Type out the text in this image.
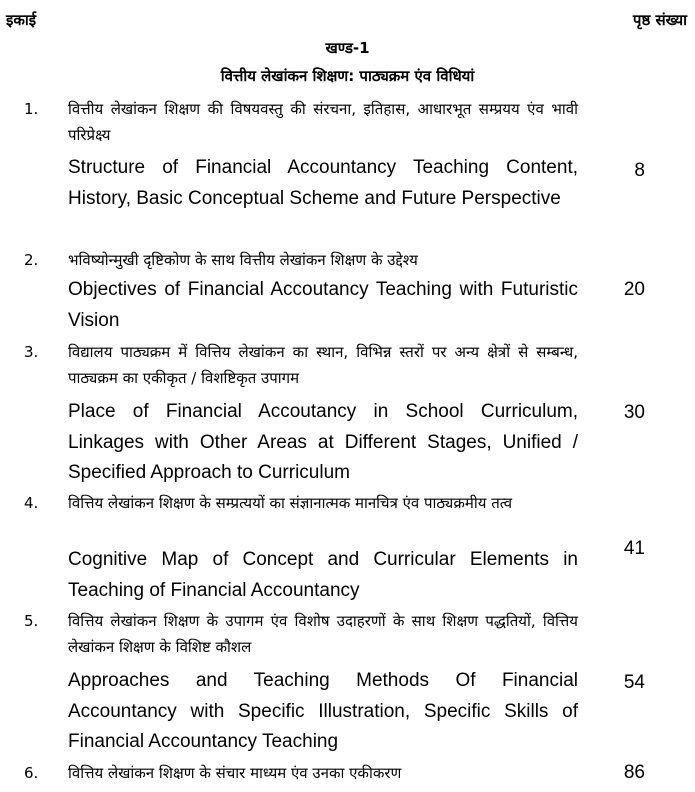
इकाई	पृष्ठ संख्या
खण्ड-1
वित्तीय लेखांकन शिक्षण: पाठ्यक्रम एंव विधियां
1. वित्तीय लेखांकन शिक्षण की विषयवस्तु की संरचना, इतिहास, आधारभूत सम्प्रयय एंव भावी परिप्रेक्ष्य
Structure of Financial Accountancy Teaching Content, History, Basic Conceptual Scheme and Future Perspective
8
2. भविष्योन्मुखी दृष्टिकोण के साथ वित्तीय लेखांकन शिक्षण के उद्देश्य
Objectives of Financial Accoutancy Teaching with Futuristic Vision
20
3. विद्यालय पाठ्यक्रम में वित्तिय लेखांकन का स्थान, विभिन्न स्तरों पर अन्य क्षेत्रों से सम्बन्ध, पाठ्यक्रम का एकीकृत / विशष्टिकृत उपागम
Place of Financial Accoutancy in School Curriculum, Linkages with Other Areas at Different Stages, Unified / Specified Approach to Curriculum
30
4. वित्तिय लेखांकन शिक्षण के सम्प्रत्ययों का संज्ञानात्मक मानचित्र एंव पाठ्यक्रमीय तत्व
Cognitive Map of Concept and Curricular Elements in Teaching of Financial Accountancy
41
5. वित्तिय लेखांकन शिक्षण के उपागम एंव विशोष उदाहरणों के साथ शिक्षण पद्धतियों, वित्तिय लेखांकन शिक्षण के विशिष्ट कौशल
Approaches and Teaching Methods Of Financial Accountancy with Specific Illustration, Specific Skills of Financial Accountancy Teaching
54
6. वित्तिय लेखांकन शिक्षण के संचार माध्यम एंव उनका एकीकरण	86
